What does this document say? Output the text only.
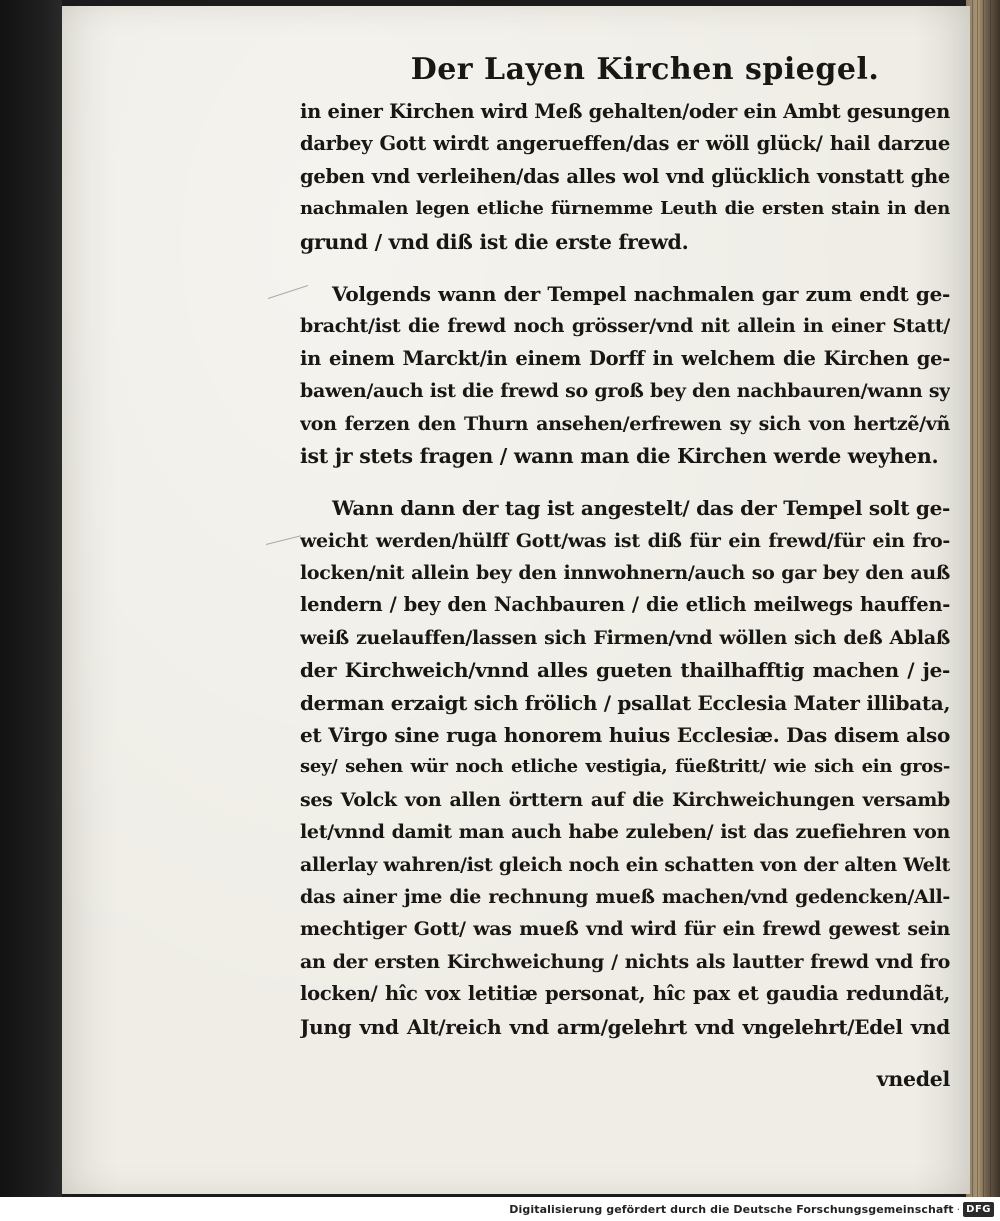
Der Layen Kirchen spiegel.
in einer Kirchen wird Meß gehalten/oder ein Ambt gesungen
darbey Gott wirdt angerueffen/das er wöll glück/ hail darzue
geben vnd verleihen/das alles wol vnd glücklich vonstatt ghe
nachmalen legen etliche fürnemme Leuth die ersten stain in den
grund / vnd diß ist die erste frewd.
Volgends wann der Tempel nachmalen gar zum endt ge-
bracht/ist die frewd noch grösser/vnd nit allein in einer Statt/
in einem Marckt/in einem Dorff in welchem die Kirchen ge-
bawen/auch ist die frewd so groß bey den nachbauren/wann sy
von ferzen den Thurn ansehen/erfrewen sy sich von hertzẽ/vñ
ist jr stets fragen / wann man die Kirchen werde weyhen.
Wann dann der tag ist angestelt/ das der Tempel solt ge-
weicht werden/hülff Gott/was ist diß für ein frewd/für ein fro-
locken/nit allein bey den innwohnern/auch so gar bey den auß
lendern / bey den Nachbauren / die etlich meilwegs hauffen-
weiß zuelauffen/lassen sich Firmen/vnd wöllen sich deß Ablaß
der Kirchweich/vnnd alles gueten thailhafftig machen / je-
derman erzaigt sich frölich / psallat Ecclesia Mater illibata,
et Virgo sine ruga honorem huius Ecclesiæ. Das disem also
sey/ sehen wür noch etliche vestigia, füeßtritt/ wie sich ein gros-
ses Volck von allen örttern auf die Kirchweichungen versamb
let/vnnd damit man auch habe zuleben/ ist das zuefiehren von
allerlay wahren/ist gleich noch ein schatten von der alten Welt
das ainer jme die rechnung mueß machen/vnd gedencken/All-
mechtiger Gott/ was mueß vnd wird für ein frewd gewest sein
an der ersten Kirchweichung / nichts als lautter frewd vnd fro
locken/ hîc vox letitiæ personat, hîc pax et gaudia redundãt,
Jung vnd Alt/reich vnd arm/gelehrt vnd vngelehrt/Edel vnd
vnedel
Digitalisierung gefördert durch die Deutsche Forschungsgemeinschaft · DFG
